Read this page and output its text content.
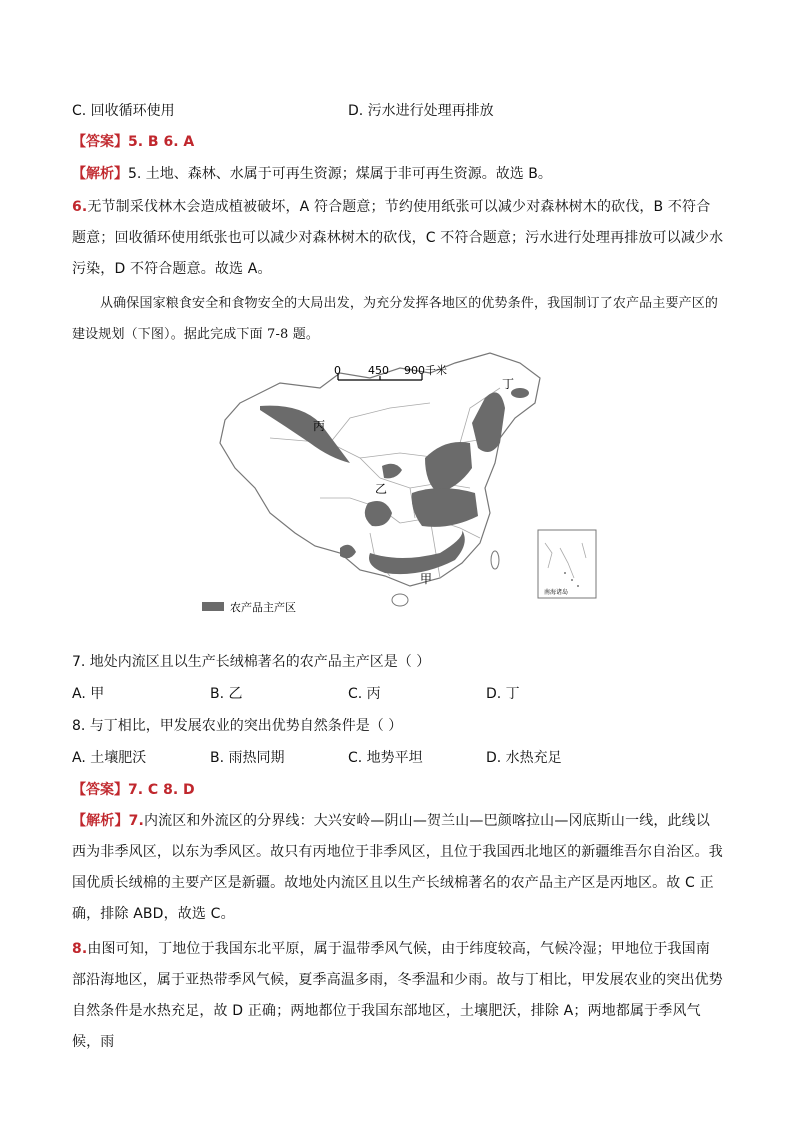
C. 回收循环使用	D. 污水进行处理再排放
【答案】5. B 6. A
【解析】5. 土地、森林、水属于可再生资源；煤属于非可再生资源。故选 B。
6.无节制采伐林木会造成植被破坏，A 符合题意；节约使用纸张可以减少对森林树木的砍伐，B 不符合题意；回收循环使用纸张也可以减少对森林树木的砍伐，C 不符合题意；污水进行处理再排放可以减少水污染，D 不符合题意。故选 A。
从确保国家粮食安全和食物安全的大局出发，为充分发挥各地区的优势条件，我国制订了农产品主要产区的建设规划（下图）。据此完成下面 7-8 题。
0 450 900千米
丁
丙
乙
甲
南海诸岛
农产品主产区
7. 地处内流区且以生产长绒棉著名的农产品主产区是（ ）
A. 甲	B. 乙	C. 丙	D. 丁
8. 与丁相比，甲发展农业的突出优势自然条件是（ ）
A. 土壤肥沃	B. 雨热同期	C. 地势平坦	D. 水热充足
【答案】7. C 8. D
【解析】7.内流区和外流区的分界线：大兴安岭—阴山—贺兰山—巴颜喀拉山—冈底斯山一线，此线以西为非季风区，以东为季风区。故只有丙地位于非季风区，且位于我国西北地区的新疆维吾尔自治区。我国优质长绒棉的主要产区是新疆。故地处内流区且以生产长绒棉著名的农产品主产区是丙地区。故 C 正确，排除 ABD，故选 C。
8.由图可知，丁地位于我国东北平原，属于温带季风气候，由于纬度较高，气候冷湿；甲地位于我国南部沿海地区，属于亚热带季风气候，夏季高温多雨，冬季温和少雨。故与丁相比，甲发展农业的突出优势自然条件是水热充足，故 D 正确；两地都位于我国东部地区，土壤肥沃，排除 A；两地都属于季风气候，雨
